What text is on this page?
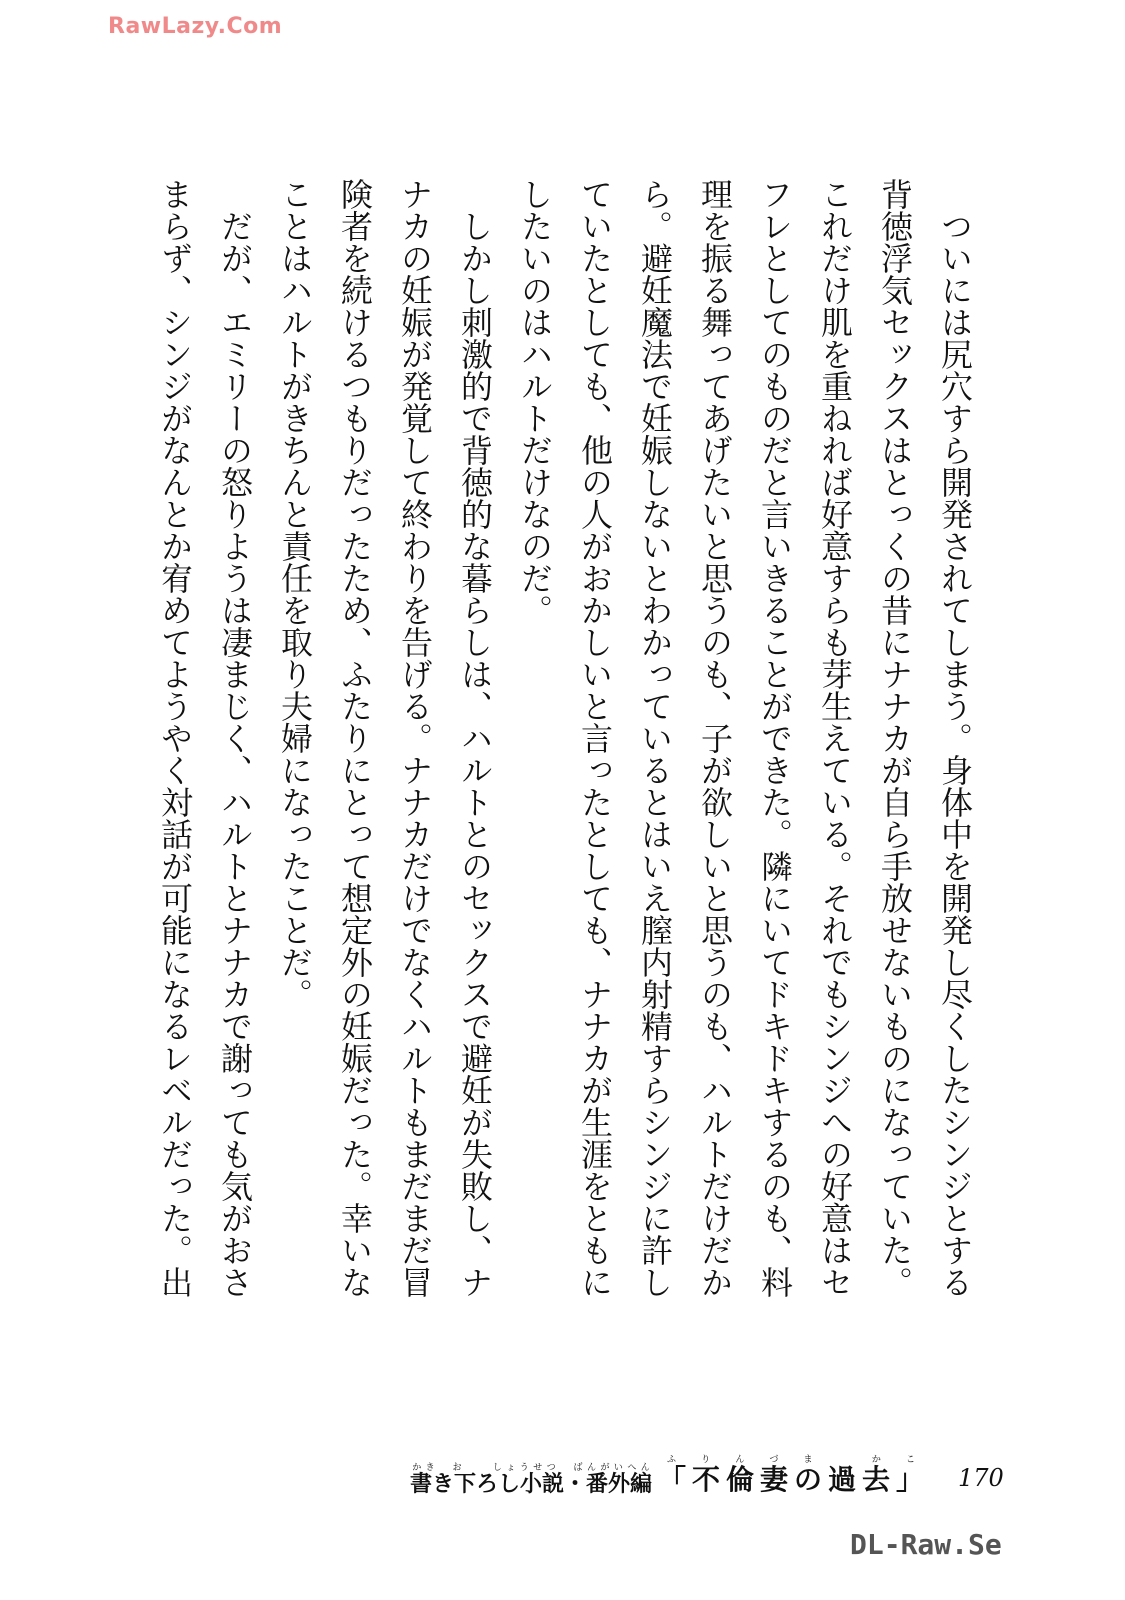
RawLazy.Com

　ついには尻穴すら開発されてしまう。身体中を開発し尽くしたシンジとする

背徳浮気セックスはとっくの昔にナナカが自ら手放せないものになっていた。

これだけ肌を重ねれば好意すらも芽生えている。それでもシンジへの好意はセ

フレとしてのものだと言いきることができた。隣にいてドキドキするのも、料

理を振る舞ってあげたいと思うのも、子が欲しいと思うのも、ハルトだけだか

ら。避妊魔法で妊娠しないとわかっているとはいえ膣内射精すらシンジに許し

ていたとしても、他の人がおかしいと言ったとしても、ナナカが生涯をともに

したいのはハルトだけなのだ。

　しかし刺激的で背徳的な暮らしは、ハルトとのセックスで避妊が失敗し、ナ

ナカの妊娠が発覚して終わりを告げる。ナナカだけでなくハルトもまだまだ冒

険者を続けるつもりだったため、ふたりにとって想定外の妊娠だった。幸いな

ことはハルトがきちんと責任を取り夫婦になったことだ。

　だが、エミリーの怒りようは凄まじく、ハルトとナナカで謝っても気がおさ

まらず、シンジがなんとか宥めてようやく対話が可能になるレベルだった。出

書き下ろし小説・番外編かき　お　　しょうせつ　ばんがいへん 「不倫妻の過去」ふりんづま　かこ
170
DL-Raw.Se
